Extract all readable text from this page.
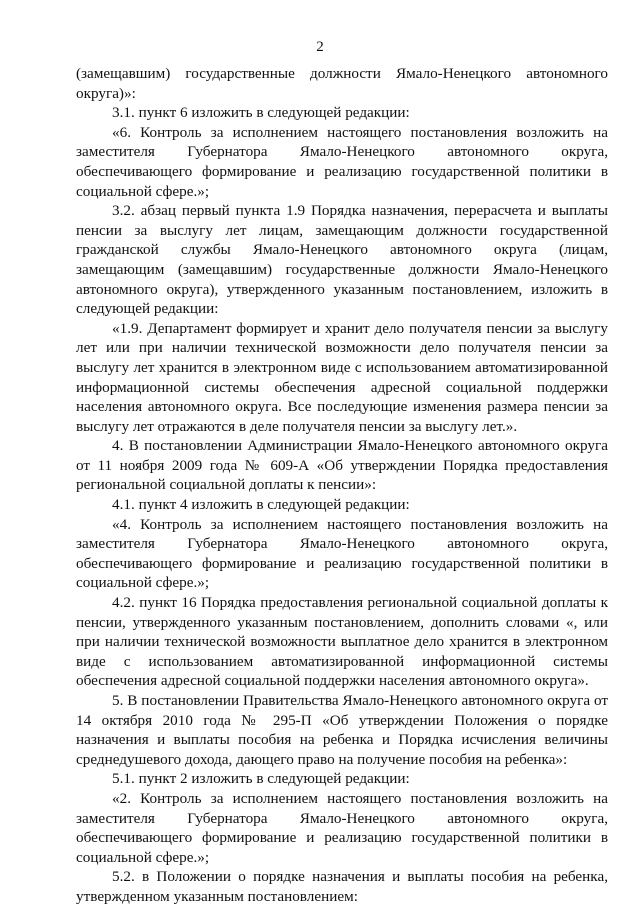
2

(замещавшим) государственные должности Ямало-Ненецкого автономного округа)»:

3.1. пункт 6 изложить в следующей редакции:

«6. Контроль за исполнением настоящего постановления возложить на заместителя Губернатора Ямало-Ненецкого автономного округа, обеспечивающего формирование и реализацию государственной политики в социальной сфере.»;

3.2. абзац первый пункта 1.9 Порядка назначения, перерасчета и выплаты пенсии за выслугу лет лицам, замещающим должности государственной гражданской службы Ямало-Ненецкого автономного округа (лицам, замещающим (замещавшим) государственные должности Ямало-Ненецкого автономного округа), утвержденного указанным постановлением, изложить в следующей редакции:

«1.9. Департамент формирует и хранит дело получателя пенсии за выслугу лет или при наличии технической возможности дело получателя пенсии за выслугу лет хранится в электронном виде с использованием автоматизированной информационной системы обеспечения адресной социальной поддержки населения автономного округа. Все последующие изменения размера пенсии за выслугу лет отражаются в деле получателя пенсии за выслугу лет.».

4. В постановлении Администрации Ямало-Ненецкого автономного округа от 11 ноября 2009 года № 609-А «Об утверждении Порядка предоставления региональной социальной доплаты к пенсии»:

4.1. пункт 4 изложить в следующей редакции:

«4. Контроль за исполнением настоящего постановления возложить на заместителя Губернатора Ямало-Ненецкого автономного округа, обеспечивающего формирование и реализацию государственной политики в социальной сфере.»;

4.2. пункт 16 Порядка предоставления региональной социальной доплаты к пенсии, утвержденного указанным постановлением, дополнить словами «, или при наличии технической возможности выплатное дело хранится в электронном виде с использованием автоматизированной информационной системы обеспечения адресной социальной поддержки населения автономного округа».

5. В постановлении Правительства Ямало-Ненецкого автономного округа от 14 октября 2010 года № 295-П «Об утверждении Положения о порядке назначения и выплаты пособия на ребенка и Порядка исчисления величины среднедушевого дохода, дающего право на получение пособия на ребенка»:

5.1. пункт 2 изложить в следующей редакции:

«2. Контроль за исполнением настоящего постановления возложить на заместителя Губернатора Ямало-Ненецкого автономного округа, обеспечивающего формирование и реализацию государственной политики в социальной сфере.»;

5.2. в Положении о порядке назначения и выплаты пособия на ребенка, утвержденном указанным постановлением:
